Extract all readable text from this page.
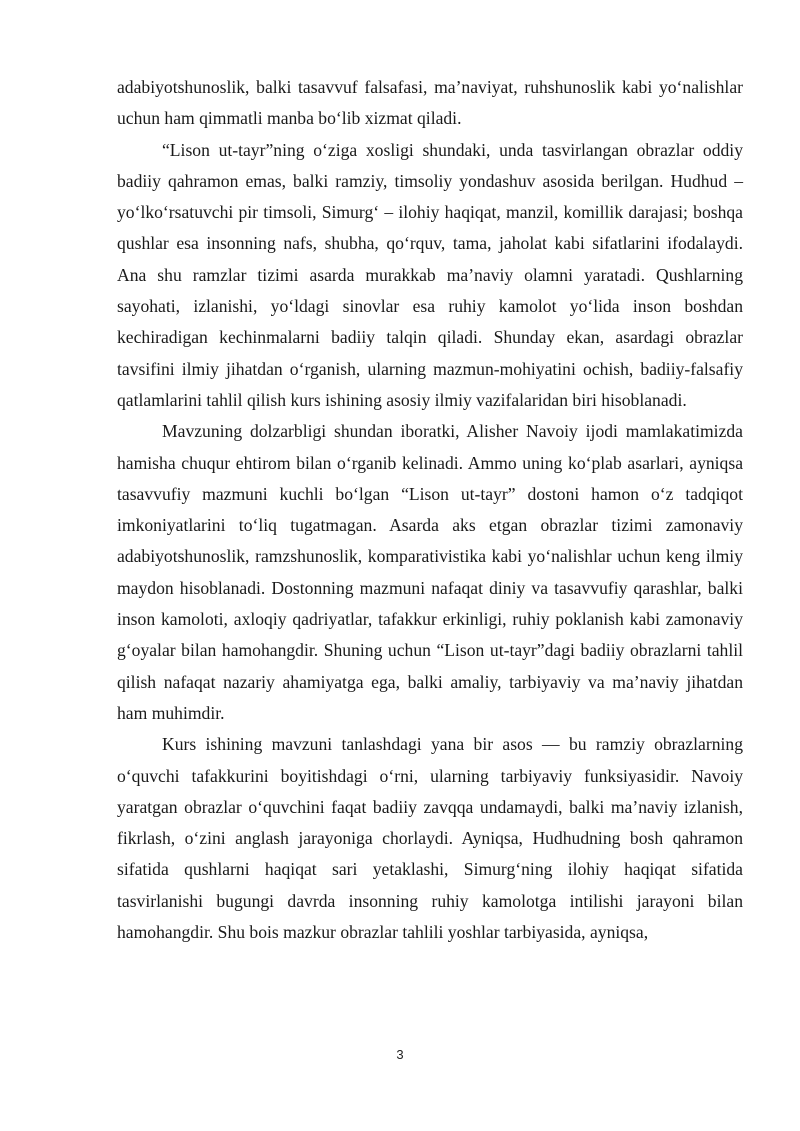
adabiyotshunoslik, balki tasavvuf falsafasi, ma’naviyat, ruhshunoslik kabi yo‘nalishlar uchun ham qimmatli manba bo‘lib xizmat qiladi.

“Lison ut-tayr”ning o‘ziga xosligi shundaki, unda tasvirlangan obrazlar oddiy badiiy qahramon emas, balki ramziy, timsoliy yondashuv asosida berilgan. Hudhud – yo‘lko‘rsatuvchi pir timsoli, Simurg‘ – ilohiy haqiqat, manzil, komillik darajasi; boshqa qushlar esa insonning nafs, shubha, qo‘rquv, tama, jaholat kabi sifatlarini ifodalaydi. Ana shu ramzlar tizimi asarda murakkab ma’naviy olamni yaratadi. Qushlarning sayohati, izlanishi, yo‘ldagi sinovlar esa ruhiy kamolot yo‘lida inson boshdan kechiradigan kechinmalarni badiiy talqin qiladi. Shunday ekan, asardagi obrazlar tavsifini ilmiy jihatdan o‘rganish, ularning mazmun-mohiyatini ochish, badiiy-falsafiy qatlamlarini tahlil qilish kurs ishining asosiy ilmiy vazifalaridan biri hisoblanadi.

Mavzuning dolzarbligi shundan iboratki, Alisher Navoiy ijodi mamlakatimizda hamisha chuqur ehtirom bilan o‘rganib kelinadi. Ammo uning ko‘plab asarlari, ayniqsa tasavvufiy mazmuni kuchli bo‘lgan “Lison ut-tayr” dostoni hamon o‘z tadqiqot imkoniyatlarini to‘liq tugatmagan. Asarda aks etgan obrazlar tizimi zamonaviy adabiyotshunoslik, ramzshunoslik, komparativistika kabi yo‘nalishlar uchun keng ilmiy maydon hisoblanadi. Dostonning mazmuni nafaqat diniy va tasavvufiy qarashlar, balki inson kamoloti, axloqiy qadriyatlar, tafakkur erkinligi, ruhiy poklanish kabi zamonaviy g‘oyalar bilan hamohangdir. Shuning uchun “Lison ut-tayr”dagi badiiy obrazlarni tahlil qilish nafaqat nazariy ahamiyatga ega, balki amaliy, tarbiyaviy va ma’naviy jihatdan ham muhimdir.

Kurs ishining mavzuni tanlashdagi yana bir asos — bu ramziy obrazlarning o‘quvchi tafakkurini boyitishdagi o‘rni, ularning tarbiyaviy funksiyasidir. Navoiy yaratgan obrazlar o‘quvchini faqat badiiy zavqqa undamaydi, balki ma’naviy izlanish, fikrlash, o‘zini anglash jarayoniga chorlaydi. Ayniqsa, Hudhudning bosh qahramon sifatida qushlarni haqiqat sari yetaklashi, Simurg‘ning ilohiy haqiqat sifatida tasvirlanishi bugungi davrda insonning ruhiy kamolotga intilishi jarayoni bilan hamohangdir. Shu bois mazkur obrazlar tahlili yoshlar tarbiyasida, ayniqsa,

3
